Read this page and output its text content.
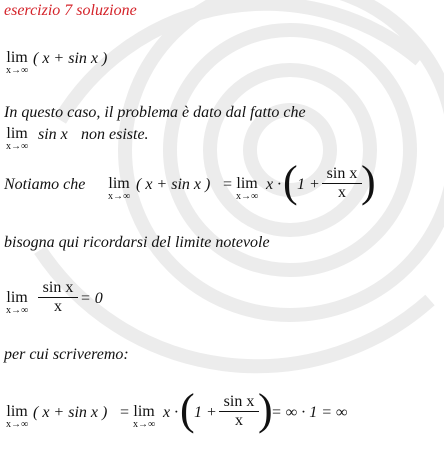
esercizio 7 soluzione
lim
x→∞
( x + sin x )
In questo caso, il problema è dato dal fatto che
lim
x→∞
sin x non esiste.
Notiamo che lim
x→∞
( x + sin x ) = lim
x→∞
x · ( 1 +
sin x
x )
bisogna qui ricordarsi del limite notevole
lim
x→∞
sin x
x	= 0
per cui scriveremo:
lim
x→∞
( x + sin x ) = lim
x→∞
x · ( 1 +
sin x
x )
= ∞ · 1 = ∞
